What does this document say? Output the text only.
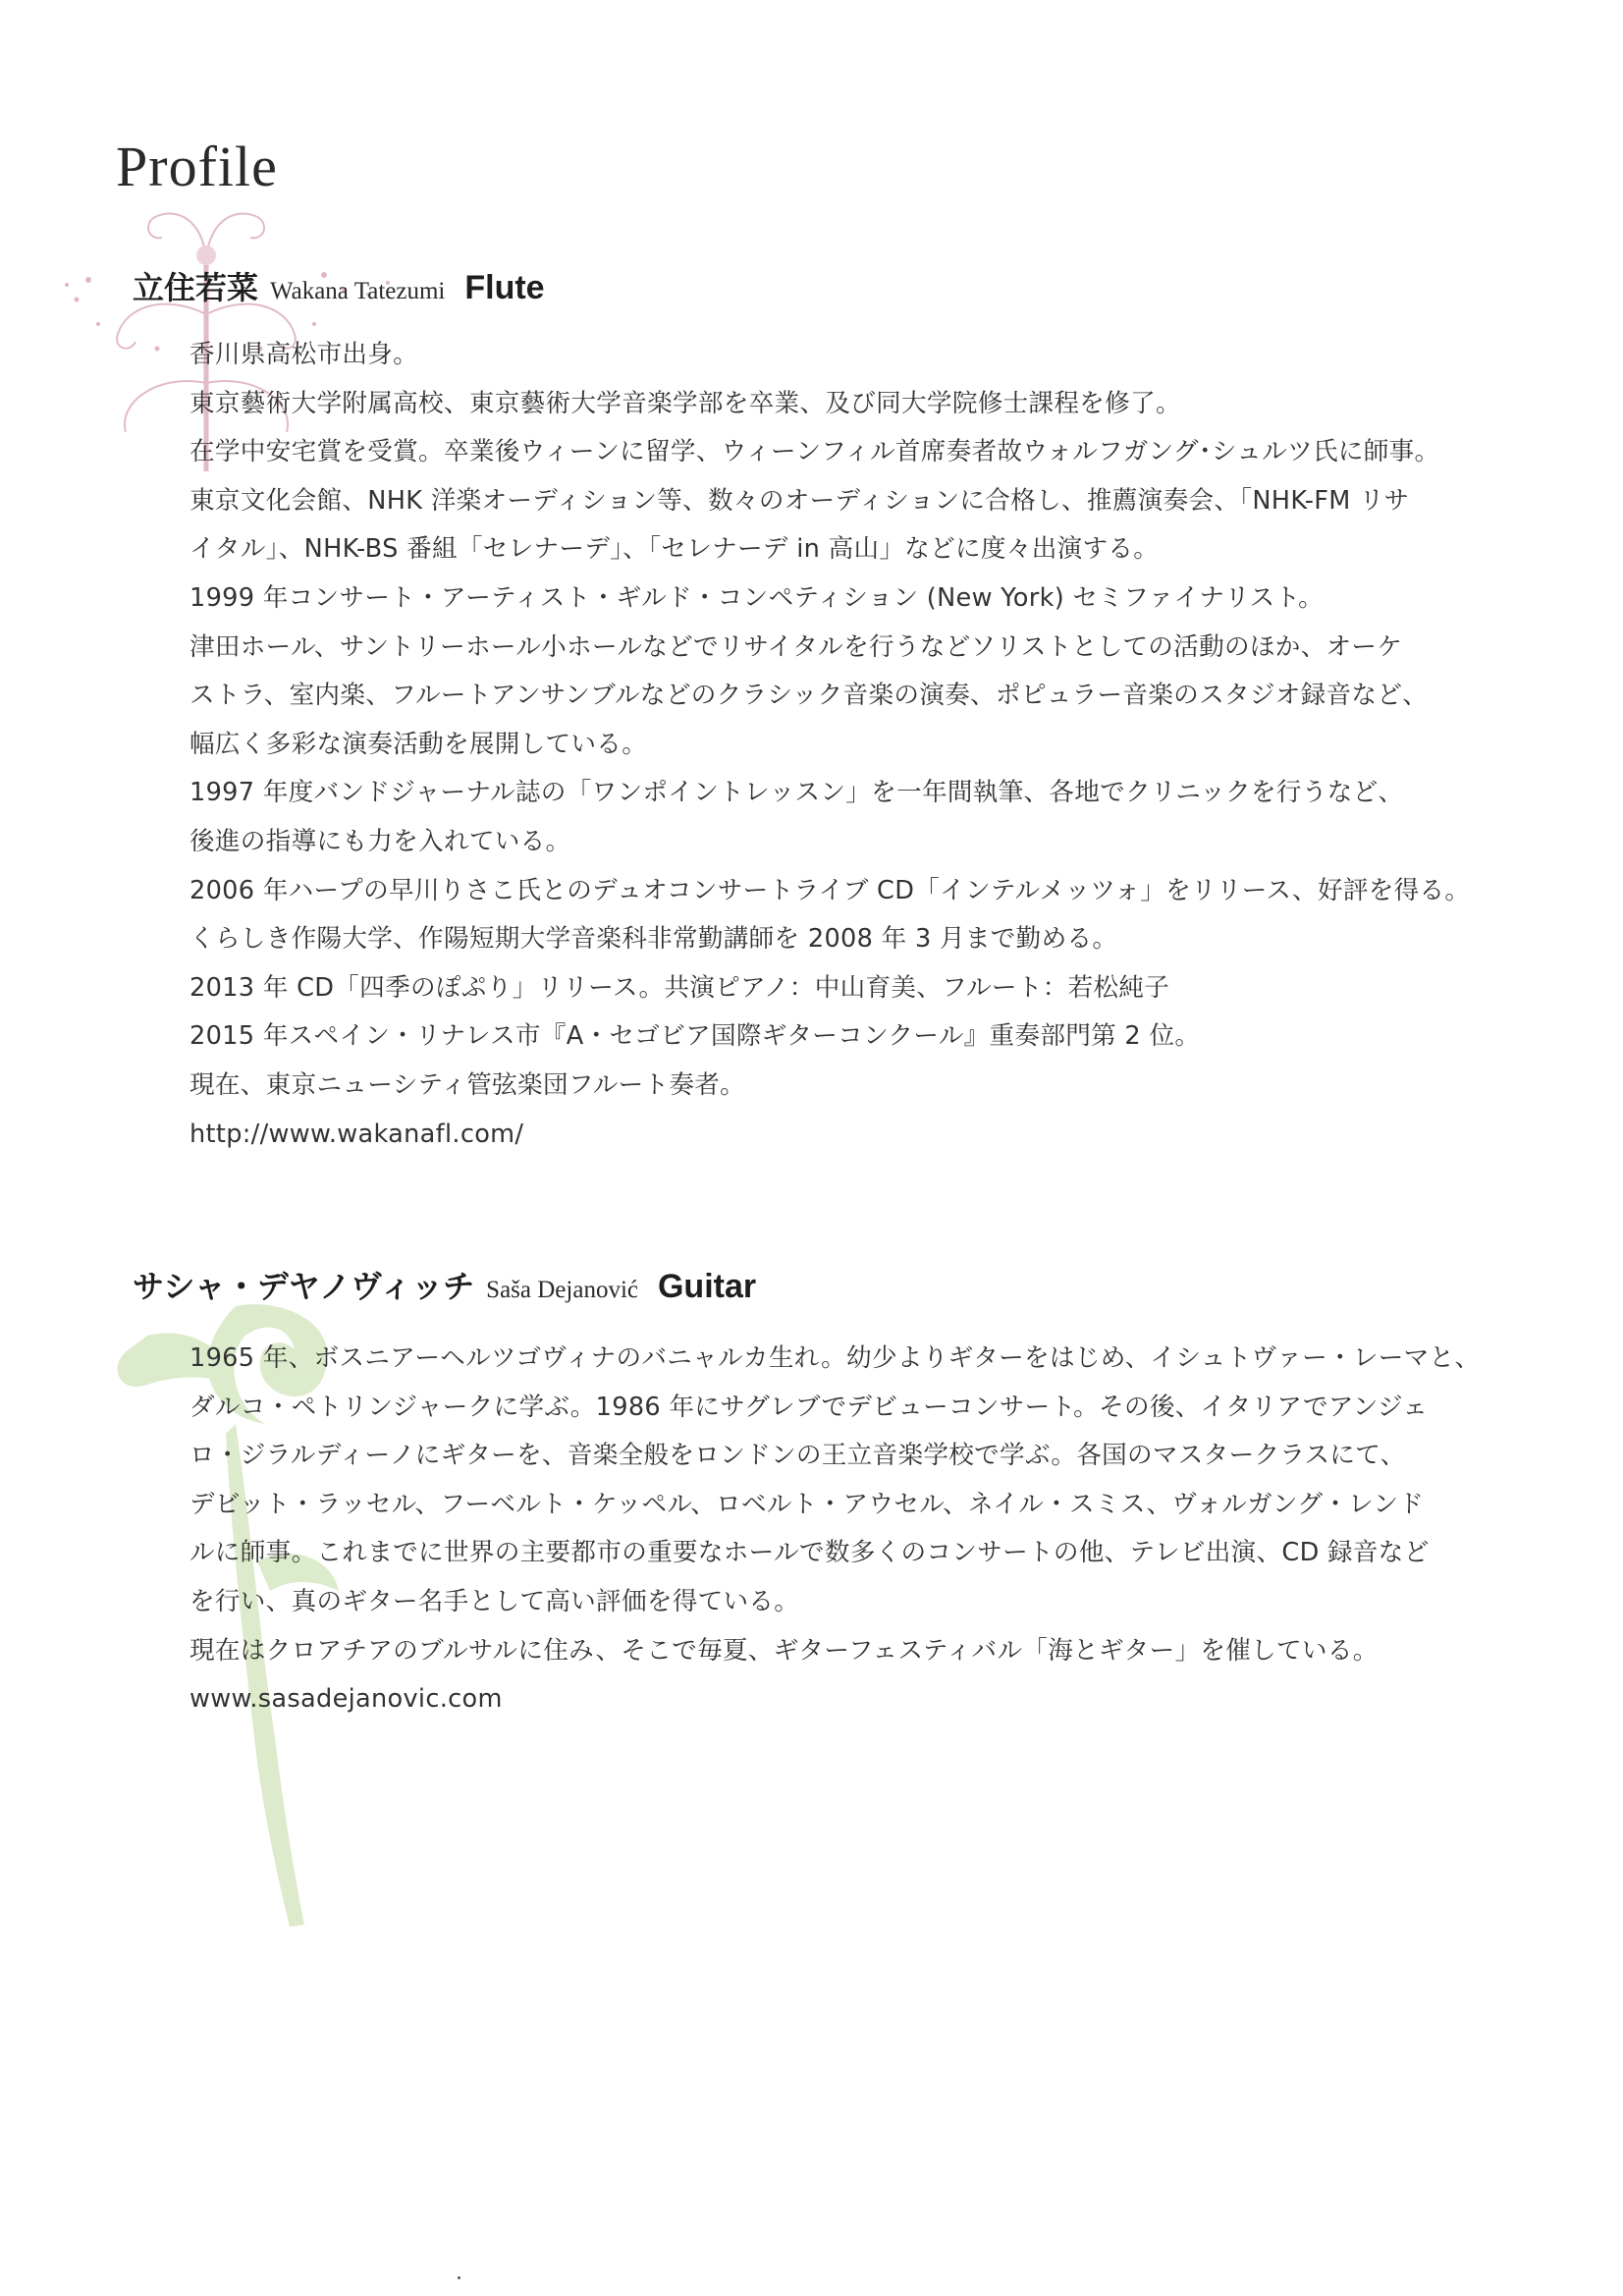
Profile
立住若菜 Wakana Tatezumi Flute
香川県高松市出身。
東京藝術大学附属高校、東京藝術大学音楽学部を卒業、及び同大学院修士課程を修了。
在学中安宅賞を受賞。卒業後ウィーンに留学、ウィーンフィル首席奏者故ウォルフガング･シュルツ氏に師事。
東京文化会館、NHK 洋楽オーディション等、数々のオーディションに合格し、推薦演奏会、「NHK-FM リサ
イタル」、NHK-BS 番組「セレナーデ」、「セレナーデ in 高山」などに度々出演する。
1999 年コンサート・アーティスト・ギルド・コンペティション (New York) セミファイナリスト。
津田ホール、サントリーホール小ホールなどでリサイタルを行うなどソリストとしての活動のほか、オーケ
ストラ、室内楽、フルートアンサンブルなどのクラシック音楽の演奏、ポピュラー音楽のスタジオ録音など、
幅広く多彩な演奏活動を展開している。
1997 年度バンドジャーナル誌の「ワンポイントレッスン」を一年間執筆、各地でクリニックを行うなど、
後進の指導にも力を入れている。
2006 年ハープの早川りさこ氏とのデュオコンサートライブ CD「インテルメッツォ」をリリース、好評を得る。
くらしき作陽大学、作陽短期大学音楽科非常勤講師を 2008 年 3 月まで勤める。
2013 年 CD「四季のぽぷり」リリース。共演ピアノ：中山育美、フルート：若松純子
2015 年スペイン・リナレス市『A・セゴビア国際ギターコンクール』重奏部門第 2 位。
現在、東京ニューシティ管弦楽団フルート奏者。
http://www.wakanafl.com/
サシャ・デヤノヴィッチ Saša Dejanović Guitar
1965 年、ボスニアーヘルツゴヴィナのバニャルカ生れ。幼少よりギターをはじめ、イシュトヴァー・レーマと、
ダルコ・ペトリンジャークに学ぶ。1986 年にサグレブでデビューコンサート。その後、イタリアでアンジェ
ロ・ジラルディーノにギターを、音楽全般をロンドンの王立音楽学校で学ぶ。各国のマスタークラスにて、
デビット・ラッセル、フーベルト・ケッペル、ロベルト・アウセル、ネイル・スミス、ヴォルガング・レンド
ルに師事。これまでに世界の主要都市の重要なホールで数多くのコンサートの他、テレビ出演、CD 録音など
を行い、真のギター名手として高い評価を得ている。
現在はクロアチアのブルサルに住み、そこで毎夏、ギターフェスティバル「海とギター」を催している。
www.sasadejanovic.com
